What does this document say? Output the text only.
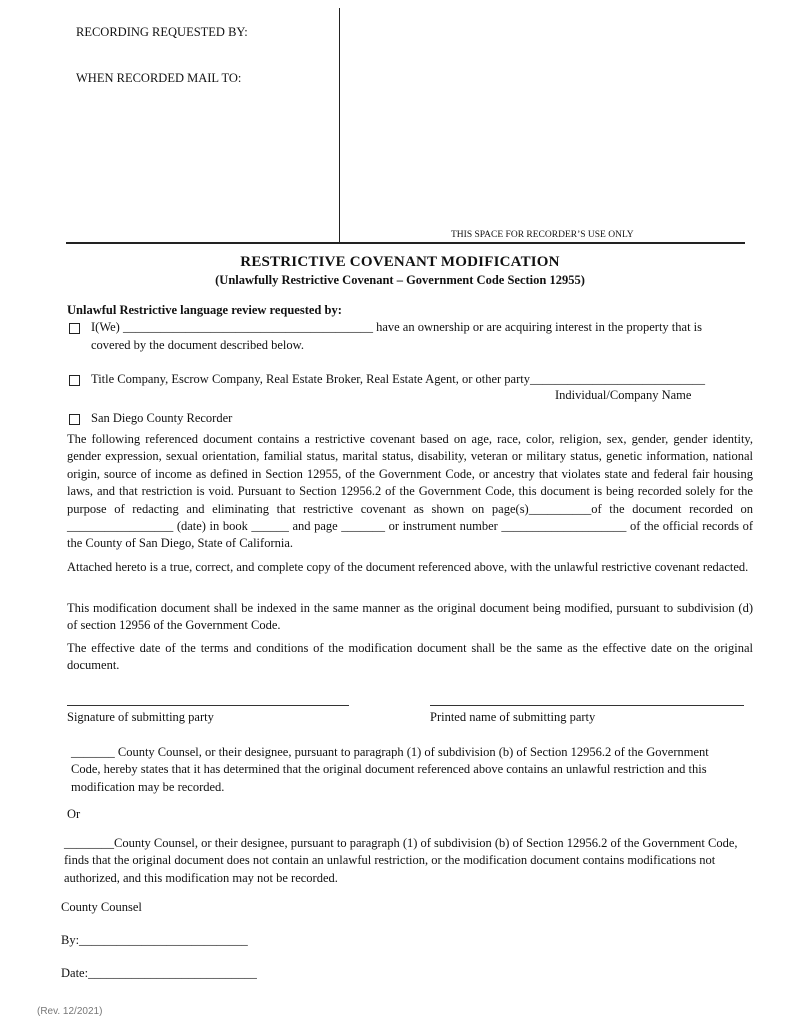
RECORDING REQUESTED BY:
WHEN RECORDED MAIL TO:
THIS SPACE FOR RECORDER’S USE ONLY
RESTRICTIVE COVENANT MODIFICATION
(Unlawfully Restrictive Covenant – Government Code Section 12955)
Unlawful Restrictive language review requested by:
I(We) ________________________________________ have an ownership or are acquiring interest in the property that is
covered by the document described below.
Title Company, Escrow Company, Real Estate Broker, Real Estate Agent, or other party____________________________
Individual/Company Name
San Diego County Recorder
The following referenced document contains a restrictive covenant based on age, race, color, religion, sex, gender, gender identity, gender expression, sexual orientation, familial status, marital status, disability, veteran or military status, genetic information, national origin, source of income as defined in Section 12955, of the Government Code, or ancestry that violates state and federal fair housing laws, and that restriction is void. Pursuant to Section 12956.2 of the Government Code, this document is being recorded solely for the purpose of redacting and eliminating that restrictive covenant as shown on page(s)__________of the document recorded on _________________ (date) in book ______ and page _______ or instrument number ____________________ of the official records of the County of San Diego, State of California.
Attached hereto is a true, correct, and complete copy of the document referenced above, with the unlawful restrictive covenant redacted.
This modification document shall be indexed in the same manner as the original document being modified, pursuant to subdivision (d) of section 12956 of the Government Code.
The effective date of the terms and conditions of the modification document shall be the same as the effective date on the original document.
Signature of submitting party	Printed name of submitting party
_______ County Counsel, or their designee, pursuant to paragraph (1) of subdivision (b) of Section 12956.2 of the Government Code, hereby states that it has determined that the original document referenced above contains an unlawful restriction and this modification may be recorded.
Or
________County Counsel, or their designee, pursuant to paragraph (1) of subdivision (b) of Section 12956.2 of the Government Code, finds that the original document does not contain an unlawful restriction, or the modification document contains modifications not authorized, and this modification may not be recorded.
County Counsel
By:___________________________
Date:___________________________
(Rev. 12/2021)
